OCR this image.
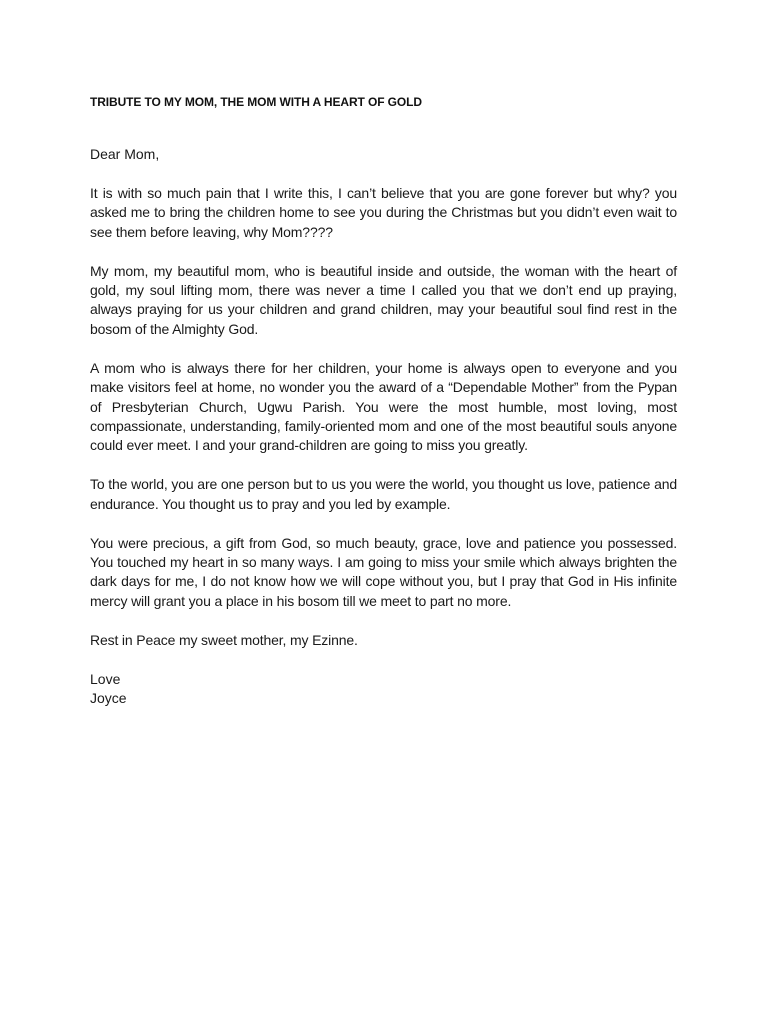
TRIBUTE TO MY MOM, THE MOM WITH A HEART OF GOLD
Dear Mom,

It is with so much pain that I write this, I can’t believe that you are gone forever but why? you asked me to bring the children home to see you during the Christmas but you didn’t even wait to see them before leaving, why Mom????

My mom, my beautiful mom, who is beautiful inside and outside, the woman with the heart of gold, my soul lifting mom, there was never a time I called you that we don’t end up praying, always praying for us your children and grand children, may your beautiful soul find rest in the bosom of the Almighty God.

A mom who is always there for her children, your home is always open to everyone and you make visitors feel at home, no wonder you the award of a “Dependable Mother” from the Pypan of Presbyterian Church, Ugwu Parish. You were the most humble, most loving, most compassionate, understanding, family-oriented mom and one of the most beautiful souls anyone could ever meet. I and your grand-children are going to miss you greatly.

To the world, you are one person but to us you were the world, you thought us love, patience and endurance. You thought us to pray and you led by example.

You were precious, a gift from God, so much beauty, grace, love and patience you possessed. You touched my heart in so many ways. I am going to miss your smile which always brighten the dark days for me, I do not know how we will cope without you, but I pray that God in His infinite mercy will grant you a place in his bosom till we meet to part no more.

Rest in Peace my sweet mother, my Ezinne.

Love
Joyce
